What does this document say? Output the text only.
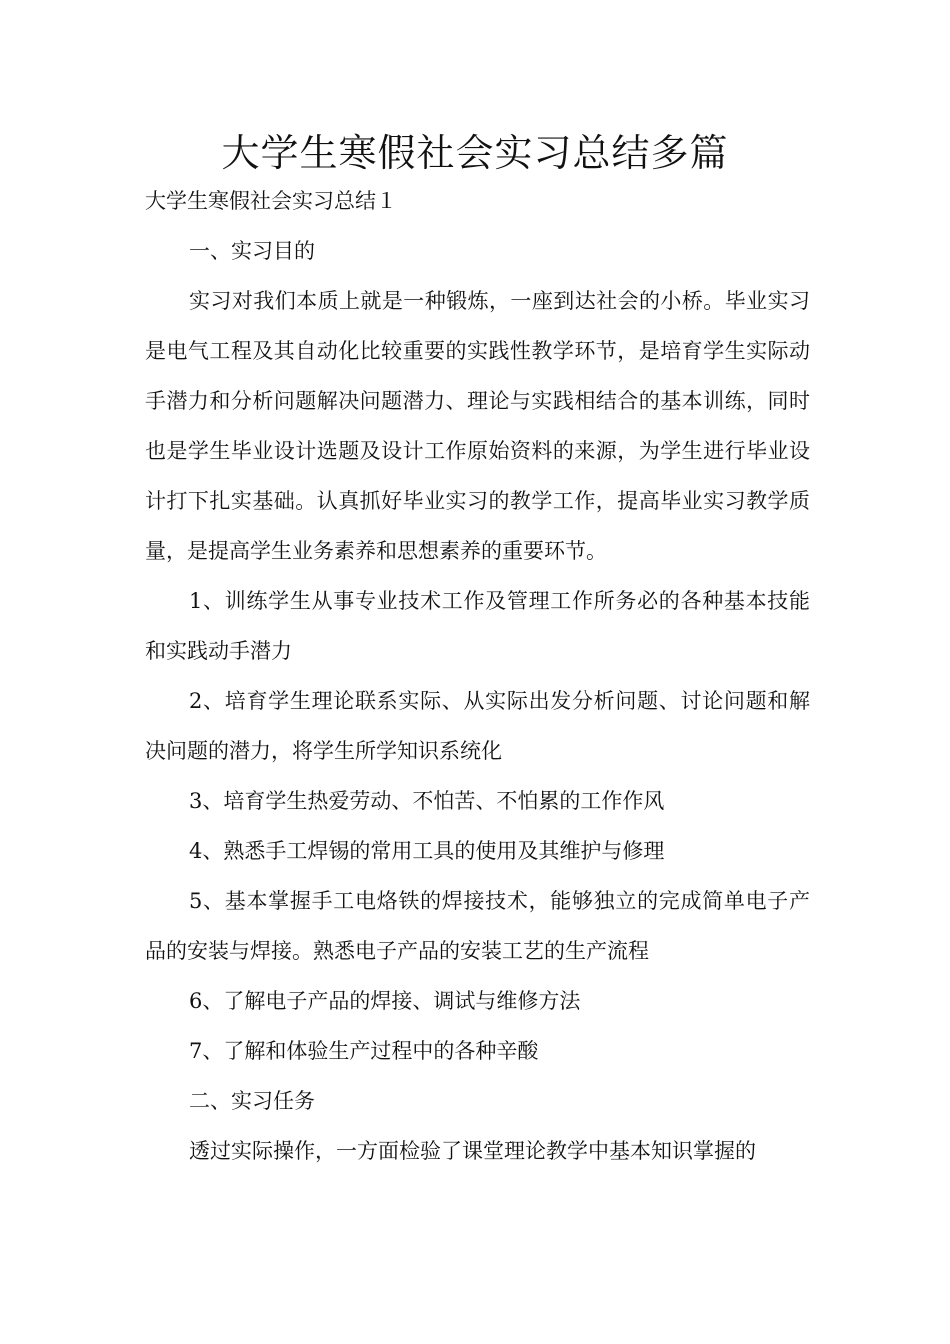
大学生寒假社会实习总结多篇

大学生寒假社会实习总结１

一、实习目的

实习对我们本质上就是一种锻炼，一座到达社会的小桥。毕业实习是电气工程及其自动化比较重要的实践性教学环节，是培育学生实际动手潜力和分析问题解决问题潜力、理论与实践相结合的基本训练，同时也是学生毕业设计选题及设计工作原始资料的来源，为学生进行毕业设计打下扎实基础。认真抓好毕业实习的教学工作，提高毕业实习教学质量，是提高学生业务素养和思想素养的重要环节。

1、训练学生从事专业技术工作及管理工作所务必的各种基本技能和实践动手潜力

2、培育学生理论联系实际、从实际出发分析问题、讨论问题和解决问题的潜力，将学生所学知识系统化

3、培育学生热爱劳动、不怕苦、不怕累的工作作风

4、熟悉手工焊锡的常用工具的使用及其维护与修理

5、基本掌握手工电烙铁的焊接技术，能够独立的完成简单电子产品的安装与焊接。熟悉电子产品的安装工艺的生产流程

6、了解电子产品的焊接、调试与维修方法

7、了解和体验生产过程中的各种辛酸

二、实习任务

透过实际操作，一方面检验了课堂理论教学中基本知识掌握的
